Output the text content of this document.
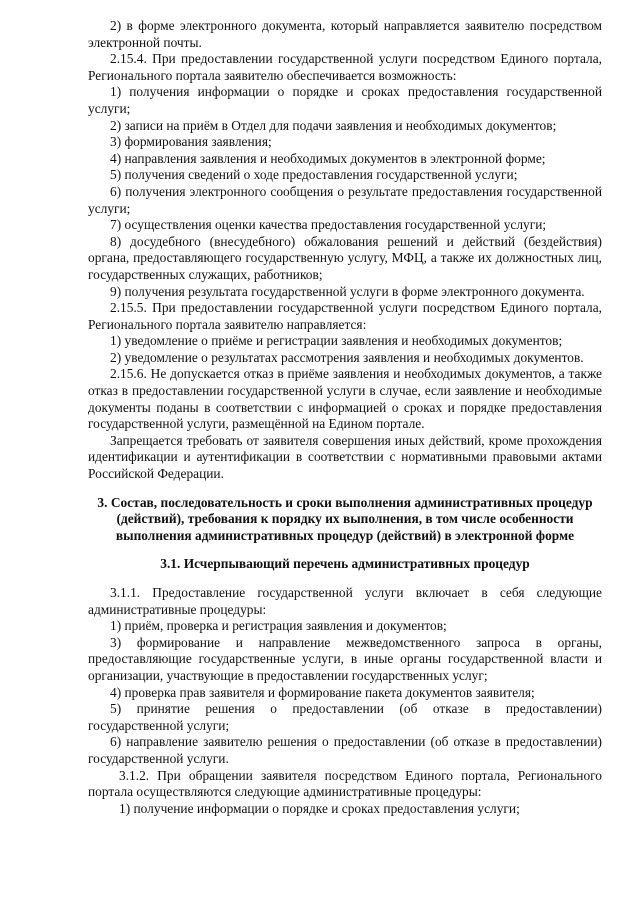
2) в форме электронного документа, который направляется заявителю посредством электронной почты.

2.15.4. При предоставлении государственной услуги посредством Единого портала, Регионального портала заявителю обеспечивается возможность:

1) получения информации о порядке и сроках предоставления государственной услуги;

2) записи на приём в Отдел для подачи заявления и необходимых документов;

3) формирования заявления;

4) направления заявления и необходимых документов в электронной форме;

5) получения сведений о ходе предоставления государственной услуги;

6) получения электронного сообщения о результате предоставления государственной услуги;

7) осуществления оценки качества предоставления государственной услуги;

8) досудебного (внесудебного) обжалования решений и действий (бездействия) органа, предоставляющего государственную услугу, МФЦ, а также их должностных лиц, государственных служащих, работников;

9) получения результата государственной услуги в форме электронного документа.

2.15.5. При предоставлении государственной услуги посредством Единого портала, Регионального портала заявителю направляется:

1) уведомление о приёме и регистрации заявления и необходимых документов;

2) уведомление о результатах рассмотрения заявления и необходимых документов.

2.15.6. Не допускается отказ в приёме заявления и необходимых документов, а также отказ в предоставлении государственной услуги в случае, если заявление и необходимые документы поданы в соответствии с информацией о сроках и порядке предоставления государственной услуги, размещённой на Едином портале.

Запрещается требовать от заявителя совершения иных действий, кроме прохождения идентификации и аутентификации в соответствии с нормативными правовыми актами Российской Федерации.

3. Состав, последовательность и сроки выполнения административных процедур (действий), требования к порядку их выполнения, в том числе особенности выполнения административных процедур (действий) в электронной форме

3.1. Исчерпывающий перечень административных процедур

3.1.1. Предоставление государственной услуги включает в себя следующие административные процедуры:

1) приём, проверка и регистрация заявления и документов;

3) формирование и направление межведомственного запроса в органы, предоставляющие государственные услуги, в иные органы государственной власти и организации, участвующие в предоставлении государственных услуг;

4) проверка прав заявителя и формирование пакета документов заявителя;

5) принятие решения о предоставлении (об отказе в предоставлении) государственной услуги;

6) направление заявителю решения о предоставлении (об отказе в предоставлении) государственной услуги.

3.1.2. При обращении заявителя посредством Единого портала, Регионального портала осуществляются следующие административные процедуры:

1) получение информации о порядке и сроках предоставления услуги;
